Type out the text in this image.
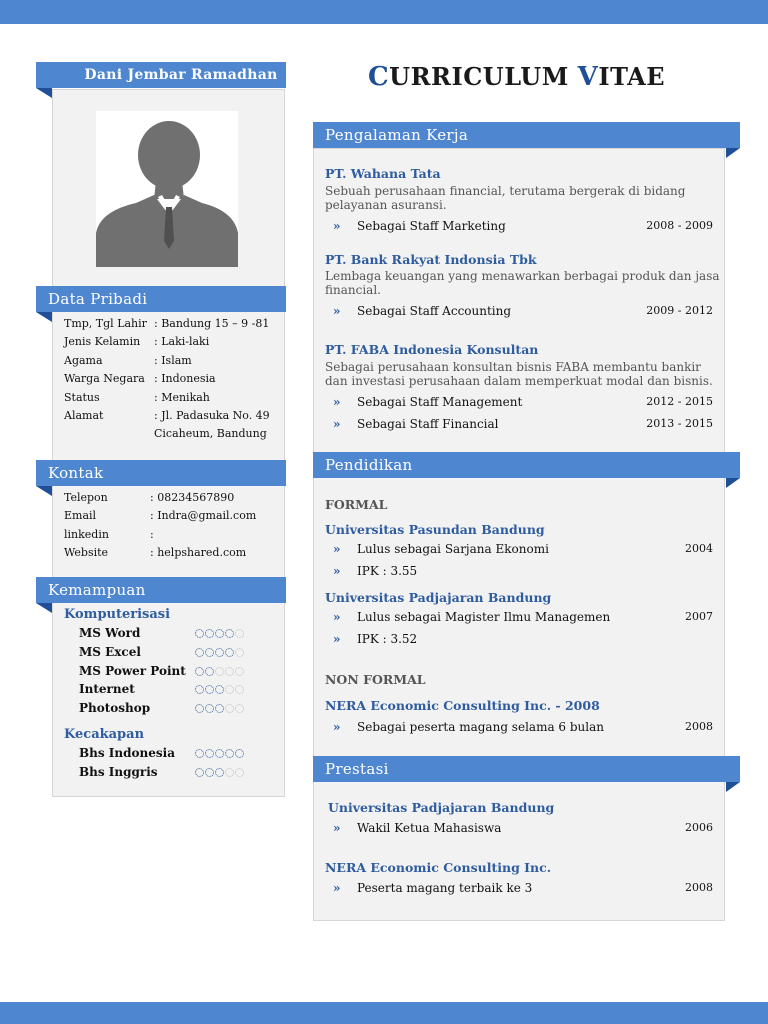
Dani Jembar Ramadhan
Data Pribadi
Tmp, Tgl Lahir : Bandung 15 – 9 -81
Jenis Kelamin : Laki-laki
Agama	: Islam
Warga Negara : Indonesia
Status	: Menikah
Alamat	: Jl. Padasuka No. 49
Cicaheum, Bandung
Kontak
Telepon	: 08234567890
Email	: Indra@gmail.com
linkedin	:
Website	: helpshared.com
Kemampuan
Komputerisasi
MS Word
MS Excel
MS Power Point
Internet
Photoshop
Kecakapan
Bhs Indonesia
Bhs Inggris
CURRICULUM VITAE
Pengalaman Kerja
Pendidikan
Prestasi
PT. Wahana Tata
Sebuah perusahaan financial, terutama bergerak di bidang pelayanan asuransi.
» Sebagai Staff Marketing	2008 - 2009
PT. Bank Rakyat Indonsia Tbk
Lembaga keuangan yang menawarkan berbagai produk dan jasa financial.
» Sebagai Staff Accounting	2009 - 2012
PT. FABA Indonesia Konsultan
Sebagai perusahaan konsultan bisnis FABA membantu bankir dan investasi perusahaan dalam memperkuat modal dan bisnis.
» Sebagai Staff Management	2012 - 2015
» Sebagai Staff Financial	2013 - 2015
FORMAL
Universitas Pasundan Bandung
» Lulus sebagai Sarjana Ekonomi	2004
» IPK : 3.55
Universitas Padjajaran Bandung
» Lulus sebagai Magister Ilmu Managemen	2007
» IPK : 3.52
NON FORMAL
NERA Economic Consulting Inc. - 2008
» Sebagai peserta magang selama 6 bulan	2008
Universitas Padjajaran Bandung
» Wakil Ketua Mahasiswa	2006
NERA Economic Consulting Inc.
» Peserta magang terbaik ke 3	2008
